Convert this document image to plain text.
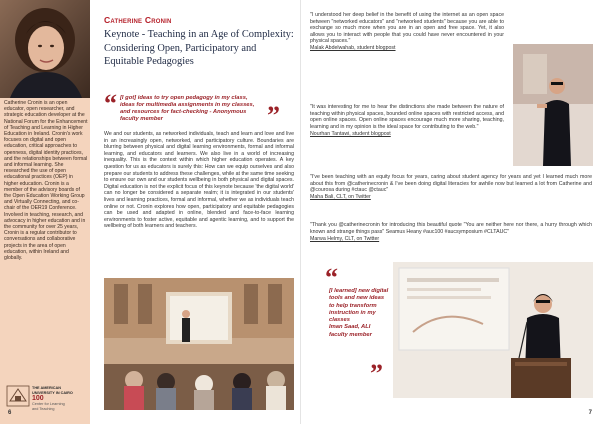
Catherine Cronin is an open educator, open researcher, and strategic education developer at the National Forum for the Enhancement of Teaching and Learning in Higher Education in Ireland. Cronin's work focuses on digital and open education, critical approaches to openness, digital identity practices, and the relationships between formal and informal learning. She researched the use of open educational practices (OEP) in higher education. Cronin is a member of the advisory boards of the Open Education Working Group and Virtually Connecting, and co-chair of the OER19 Conference. Involved in teaching, research, and advocacy in higher education and in the community for over 25 years, Cronin is a regular contributor to conversations and collaborative projects in the area of open education, within Ireland and globally.
THE AMERICAN
UNIVERSITY IN CAIRO
100
Center for Learning
and Teaching
Catherine Cronin
Keynote - Teaching in an Age of Complexity: Considering Open, Participatory and Equitable Pedagogies
“ [I got] ideas to try open pedagogy in my class, ideas for multimedia assignments in my classes, and resources for fact-checking - Anonymous faculty member	”
We and our students, as networked individuals, teach and learn and love and live in an increasingly open, networked, and participatory culture. Boundaries are blurring between physical and digital learning environments, formal and informal learning, and educators and learners. We also live in a world of increasing inequality. This is the context within which higher education operates. A key question for us as educators is surely this: How can we equip ourselves and also prepare our students to address these challenges, while at the same time seeking to ensure our own and our students wellbeing in both physical and digital spaces. Digital education is not the explicit focus of this keynote because 'the digital world' can no longer be considered a separate realm; it is integrated in our students' lives and learning practices, formal and informal, whether we as individuals teach online or not. Cronin explores how open, participatory and equitable pedagogies can be used and adapted in online, blended and face-to-face learning environments to foster active, equitable and agentic learning, and to support the wellbeing of both learners and teachers.
6
"I understood her deep belief in the benefit of using the internet as an open space between "networked educators" and "networked students" because you are able to exchange so much more when you are in an open and free space. Yet, it also allows you to interact with people that you could have never encountered in your physical spaces."
Malak Abdelwahab, student blogpost
"It was interesting for me to hear the distinctions she made between the nature of teaching within physical spaces, bounded online spaces with restricted access, and open online spaces. Open online spaces encourage much more sharing, teaching, learning and in my opinion is the ideal space for contributing to the web."
Nourhan Tantawi, student blogpost
"I've been teaching with an equity focus for years, caring about student agency for years and yet I learned much more about this from @catherinecronin & I've been doing digital literacies for awhile now but learned a lot from Catherine and @courosa during #ctauc @ctauc"
Maha Bali, CLT, on Twitter
"Thank you @catherinecronin for introducing this beautiful quote "You are neither here nor there, a hurry through which known and strange things pass" Seamus Heany #auc100 #aucsymposium #CLTAUC"
Marwa Helmy, CLT, on Twitter
“
[I learned] new digital tools and new ideas to help transform instruction in my classes
Iman Saad, ALI faculty member
”
7
